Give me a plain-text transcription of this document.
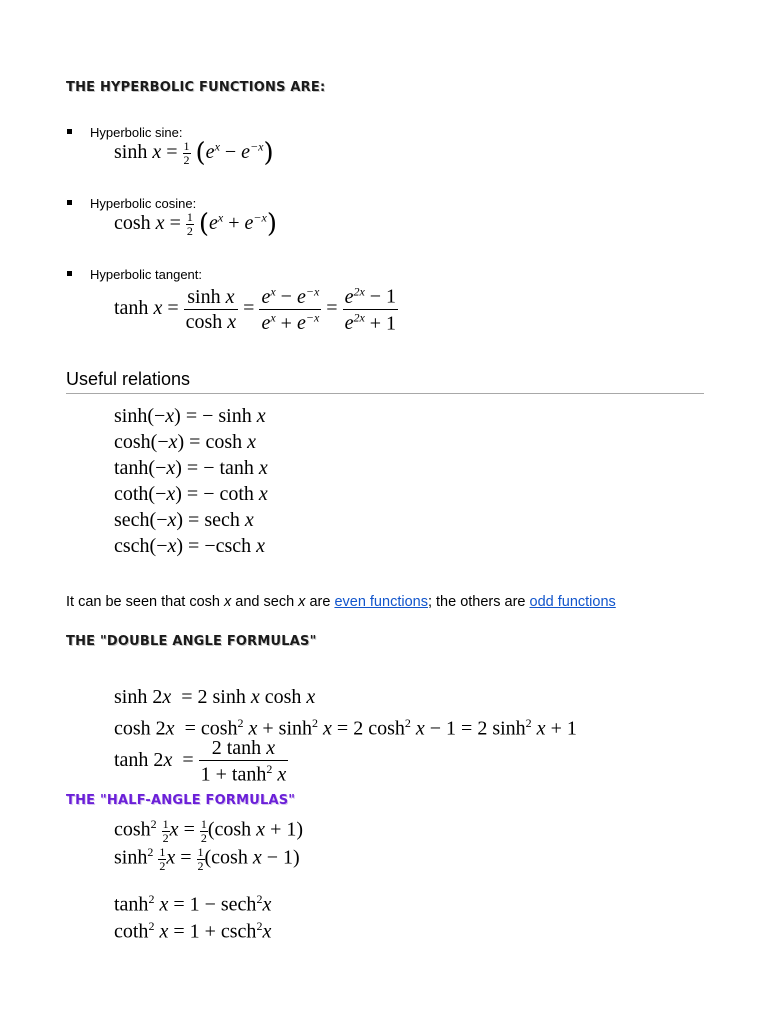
THE HYPERBOLIC FUNCTIONS ARE:
Hyperbolic sine:
$\sinh x = \frac{1}{2} (e^x - e^{-x})$
Hyperbolic cosine:
$\cosh x = \frac{1}{2} (e^x + e^{-x})$
Hyperbolic tangent:
$\tanh x = \frac{\text{sinh x}}{\text{cosh x}} = \frac{e^x - e^{-x}}{e^x + e^{-x}} = \frac{e^{2x} - 1}{e^{2x} + 1}$
Useful relations
sinh(−x) = − sinh x
cosh(−x) = cosh x
tanh(−x) = − tanh x
coth(−x) = − coth x
sech(−x) = sech x
csch(−x) = −csch x
It can be seen that cosh x and sech x are even functions; the others are odd functions
THE "DOUBLE ANGLE FORMULAS"
sinh 2x  = 2 sinh x cosh x
$\cosh 2x = \cosh^2 x + \sinh^2 x = 2$ $\cosh^2 x - 1 = 2$ $\sinh^2 x + 1$
$\tanh 2x = \frac{\text{2 tanh x}}{1 + \tanh^2 x}$
THE "HALF-ANGLE FORMULAS"
$\cosh^2 \frac{1}{2}$ $x = \frac{1}{2} (\cosh$ x + 1)
$\sinh^2 \frac{1}{2}$ $x = \frac{1}{2} (\cosh$ x − 1)
$\tanh^2 x = 1 - \sec h^2x$
coth$^2$ x = 1 + csch$^2$x
